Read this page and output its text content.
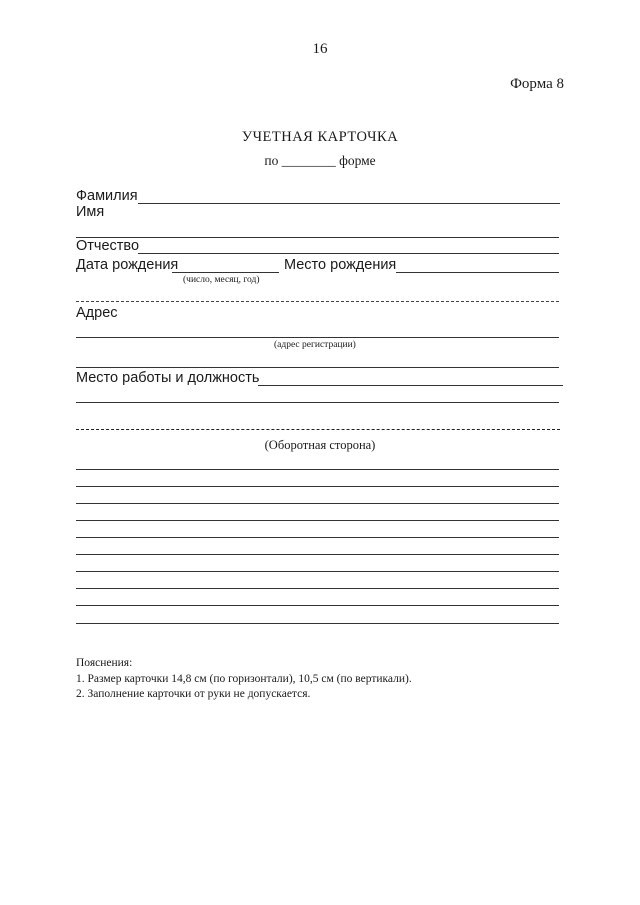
16
Форма 8
УЧЕТНАЯ КАРТОЧКА
по ________ форме
Фамилия
Имя
Отчество
Дата рождения
(число, месяц, год)
Место рождения
Адрес
(адрес регистрации)
Место работы и должность
(Оборотная сторона)
Пояснения:
1. Размер карточки 14,8 см (по горизонтали), 10,5 см (по вертикали).
2. Заполнение карточки от руки не допускается.
